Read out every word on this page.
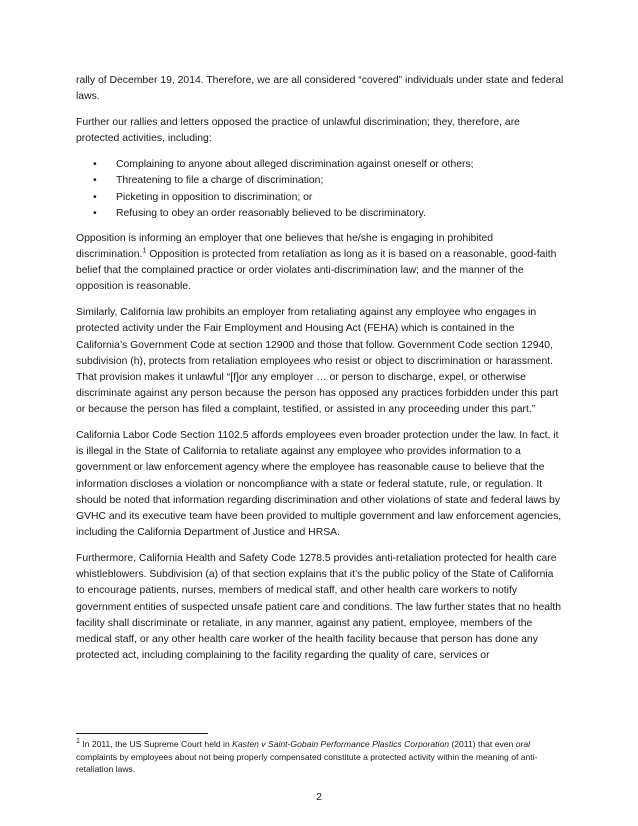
rally of December 19, 2014. Therefore, we are all considered “covered” individuals under state and federal laws.

Further our rallies and letters opposed the practice of unlawful discrimination; they, therefore, are protected activities, including:

• Complaining to anyone about alleged discrimination against oneself or others;
• Threatening to file a charge of discrimination;
• Picketing in opposition to discrimination; or
• Refusing to obey an order reasonably believed to be discriminatory.

Opposition is informing an employer that one believes that he/she is engaging in prohibited discrimination.$^1$ Opposition is protected from retaliation as long as it is based on a reasonable, good-faith belief that the complained practice or order violates anti-discrimination law; and the manner of the opposition is reasonable.

Similarly, California law prohibits an employer from retaliating against any employee who engages in protected activity under the Fair Employment and Housing Act (FEHA) which is contained in the California’s Government Code at section 12900 and those that follow. Government Code section 12940, subdivision (h), protects from retaliation employees who resist or object to discrimination or harassment. That provision makes it unlawful “[f]or any employer … or person to discharge, expel, or otherwise discriminate against any person because the person has opposed any practices forbidden under this part or because the person has filed a complaint, testified, or assisted in any proceeding under this part.”

California Labor Code Section 1102.5 affords employees even broader protection under the law. In fact, it is illegal in the State of California to retaliate against any employee who provides information to a government or law enforcement agency where the employee has reasonable cause to believe that the information discloses a violation or noncompliance with a state or federal statute, rule, or regulation. It should be noted that information regarding discrimination and other violations of state and federal laws by GVHC and its executive team have been provided to multiple government and law enforcement agencies, including the California Department of Justice and HRSA.

Furthermore, California Health and Safety Code 1278.5 provides anti-retaliation protected for health care whistleblowers. Subdivision (a) of that section explains that it’s the public policy of the State of California to encourage patients, nurses, members of medical staff, and other health care workers to notify government entities of suspected unsafe patient care and conditions. The law further states that no health facility shall discriminate or retaliate, in any manner, against any patient, employee, members of the medical staff, or any other health care worker of the health facility because that person has done any protected act, including complaining to the facility regarding the quality of care, services or

$^1$ In 2011, the US Supreme Court held in Kasten v Saint-Gobain Performance Plastics Corporation (2011) that even oral complaints by employees about not being properly compensated constitute a protected activity within the meaning of anti-retaliation laws.
2
